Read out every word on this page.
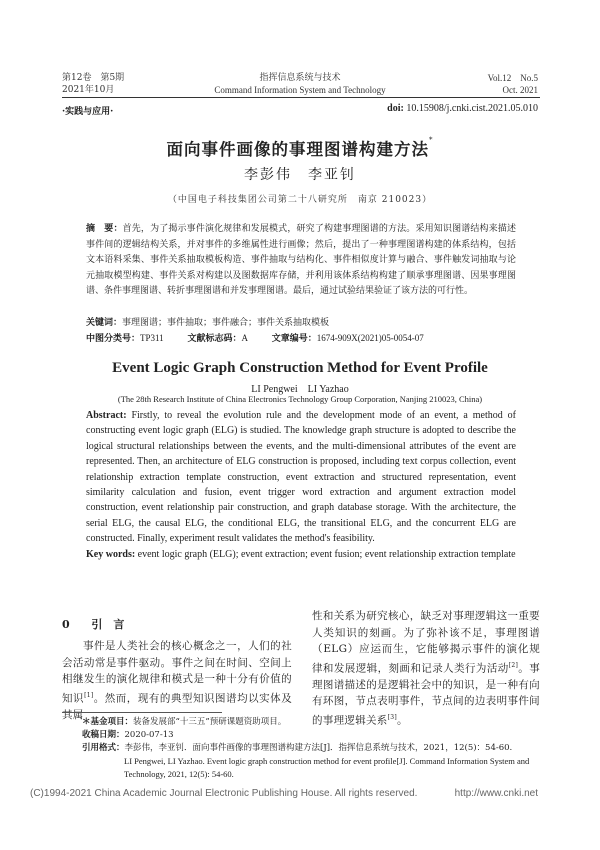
第12卷　第5期
2021年10月
指挥信息系统与技术
Command Information System and Technology
Vol.12　No.5
Oct. 2021
·实践与应用·	doi: 10.15908/j.cnki.cist.2021.05.010
面向事件画像的事理图谱构建方法*
李彭伟　李亚钊
（中国电子科技集团公司第二十八研究所　南京 210023）
摘　要：首先，为了揭示事件演化规律和发展模式，研究了构建事理图谱的方法。采用知识图谱结构来描述事件间的逻辑结构关系，并对事件的多维属性进行画像；然后，提出了一种事理图谱构建的体系结构，包括文本语料采集、事件关系抽取模板构造、事件抽取与结构化、事件相似度计算与融合、事件触发词抽取与论元抽取模型构建、事件关系对构建以及图数据库存储，并利用该体系结构构建了顺承事理图谱、因果事理图谱、条件事理图谱、转折事理图谱和并发事理图谱。最后，通过试验结果验证了该方法的可行性。
关键词：事理图谱；事件抽取；事件融合；事件关系抽取模板
中图分类号：TP311	文献标志码：A	文章编号：1674-909X(2021)05-0054-07
Event Logic Graph Construction Method for Event Profile
LI Pengwei　LI Yazhao
(The 28th Research Institute of China Electronics Technology Group Corporation, Nanjing 210023, China)
Abstract: Firstly, to reveal the evolution rule and the development mode of an event, a method of constructing event logic graph (ELG) is studied. The knowledge graph structure is adopted to describe the logical structural relationships between the events, and the multi-dimensional attributes of the event are represented. Then, an architecture of ELG construction is proposed, including text corpus collection, event relationship extraction template construction, event extraction and structured representation, event similarity calculation and fusion, event trigger word extraction and argument extraction model construction, event relationship pair construction, and graph database storage. With the architecture, the serial ELG, the causal ELG, the conditional ELG, the transitional ELG, and the concurrent ELG are constructed. Finally, experiment result validates the method's feasibility.
Key words: event logic graph (ELG); event extraction; event fusion; event relationship extraction template
0 引　言
事件是人类社会的核心概念之一，人们的社会活动常是事件驱动。事件之间在时间、空间上相继发生的演化规律和模式是一种十分有价值的知识[1]。然而，现有的典型知识图谱均以实体及其属
性和关系为研究核心，缺乏对事理逻辑这一重要人类知识的刻画。为了弥补该不足，事理图谱（ELG）应运而生，它能够揭示事件的演化规律和发展逻辑，刻画和记录人类行为活动[2]。事理图谱描述的是逻辑社会中的知识，是一种有向有环图，节点表明事件，节点间的边表明事件间的事理逻辑关系[3]。
＊基金项目：装备发展部“十三五”预研课题资助项目。
收稿日期：2020-07-13
引用格式：李彭伟，李亚钊．面向事件画像的事理图谱构建方法[J]．指挥信息系统与技术，2021，12(5)：54-60.
LI Pengwei, LI Yazhao. Event logic graph construction method for event profile[J]. Command Information System and Technology, 2021, 12(5): 54-60.
(C)1994-2021 China Academic Journal Electronic Publishing House. All rights reserved.	http://www.cnki.net
